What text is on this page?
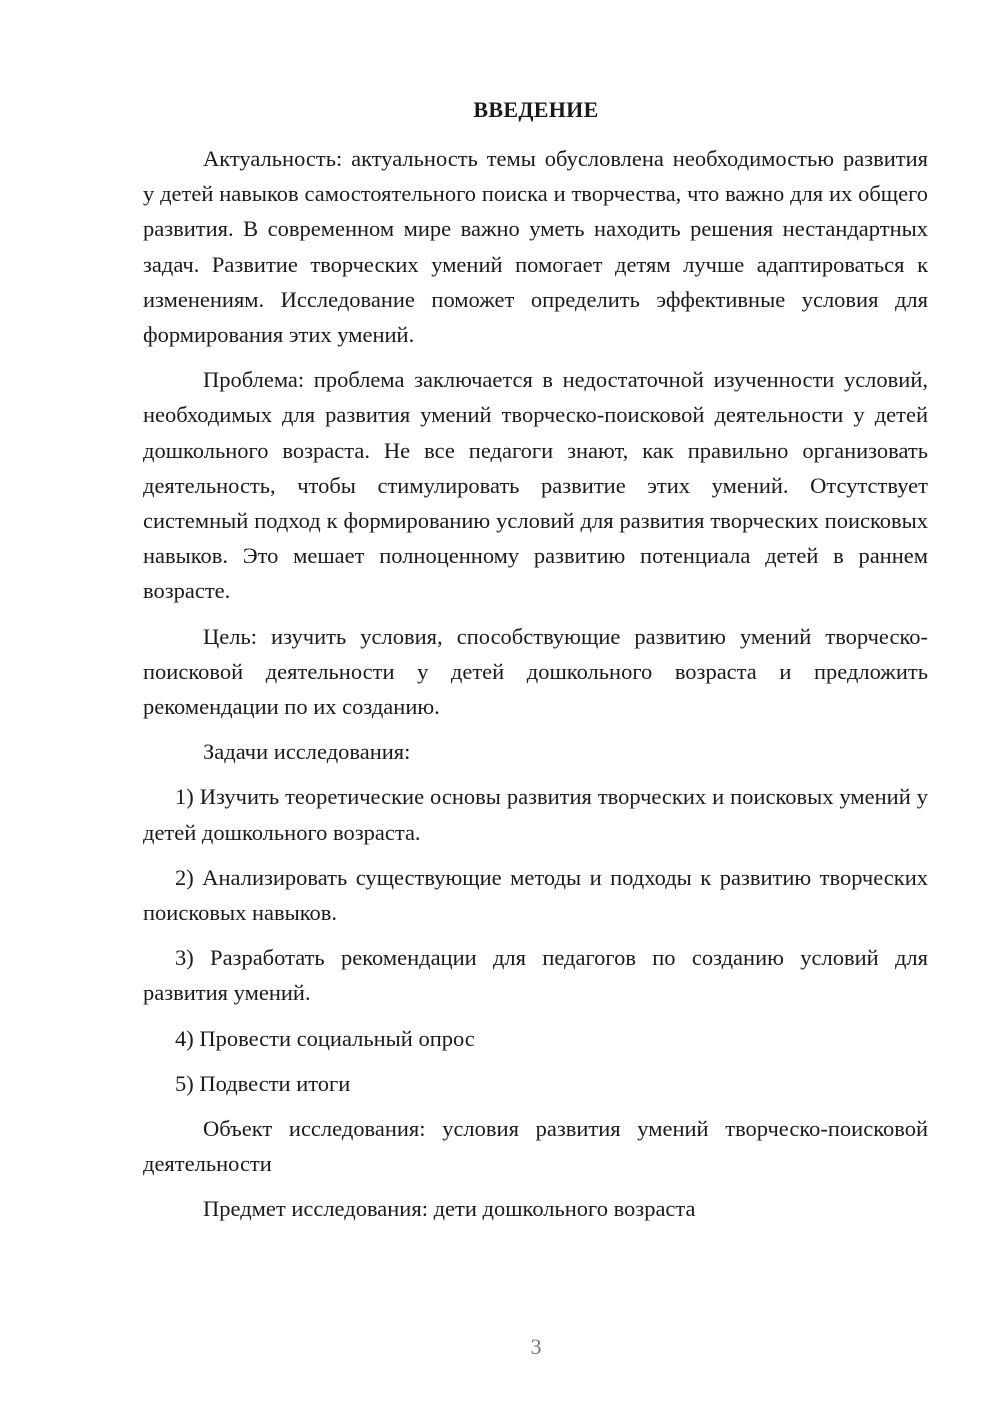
ВВЕДЕНИЕ

Актуальность: актуальность темы обусловлена необходимостью развития у детей навыков самостоятельного поиска и творчества, что важно для их общего развития. В современном мире важно уметь находить решения нестандартных задач. Развитие творческих умений помогает детям лучше адаптироваться к изменениям. Исследование поможет определить эффективные условия для формирования этих умений.

Проблема: проблема заключается в недостаточной изученности условий, необходимых для развития умений творческо-поисковой деятельности у детей дошкольного возраста. Не все педагоги знают, как правильно организовать деятельность, чтобы стимулировать развитие этих умений. Отсутствует системный подход к формированию условий для развития творческих поисковых навыков. Это мешает полноценному развитию потенциала детей в раннем возрасте.

Цель: изучить условия, способствующие развитию умений творческо-поисковой деятельности у детей дошкольного возраста и предложить рекомендации по их созданию.

Задачи исследования:

1) Изучить теоретические основы развития творческих и поисковых умений у детей дошкольного возраста.

2) Анализировать существующие методы и подходы к развитию творческих поисковых навыков.

3) Разработать рекомендации для педагогов по созданию условий для развития умений.

4) Провести социальный опрос

5) Подвести итоги

Объект исследования: условия развития умений творческо-поисковой деятельности

Предмет исследования: дети дошкольного возраста

3
